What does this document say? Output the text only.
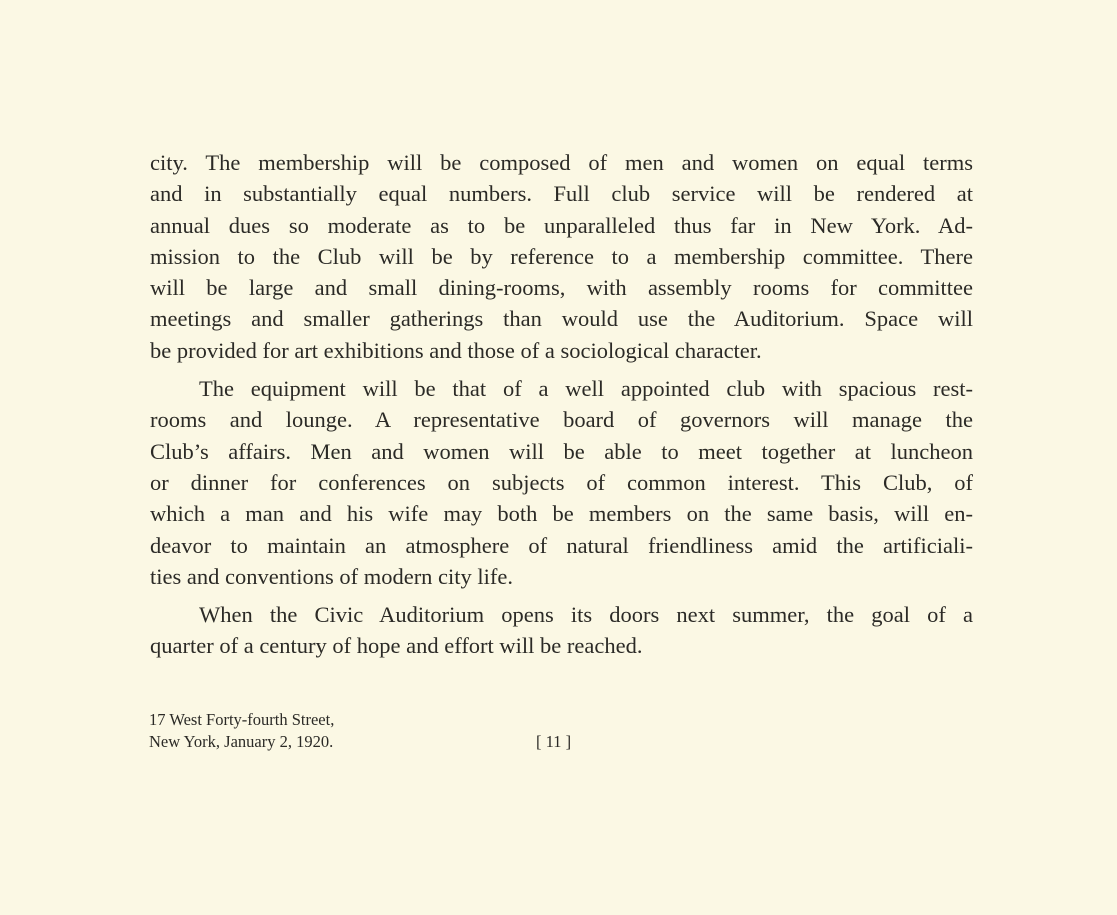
city. The membership will be composed of men and women on equal terms
and in substantially equal numbers. Full club service will be rendered at
annual dues so moderate as to be unparalleled thus far in New York. Ad-
mission to the Club will be by reference to a membership committee. There
will be large and small dining-rooms, with assembly rooms for committee
meetings and smaller gatherings than would use the Auditorium. Space will
be provided for art exhibitions and those of a sociological character.
The equipment will be that of a well appointed club with spacious rest-
rooms and lounge. A representative board of governors will manage the
Club’s affairs. Men and women will be able to meet together at luncheon
or dinner for conferences on subjects of common interest. This Club, of
which a man and his wife may both be members on the same basis, will en-
deavor to maintain an atmosphere of natural friendliness amid the artificiali-
ties and conventions of modern city life.
When the Civic Auditorium opens its doors next summer, the goal of a
quarter of a century of hope and effort will be reached.
17 West Forty-fourth Street,
New York, January 2, 1920.	[ 11 ]
